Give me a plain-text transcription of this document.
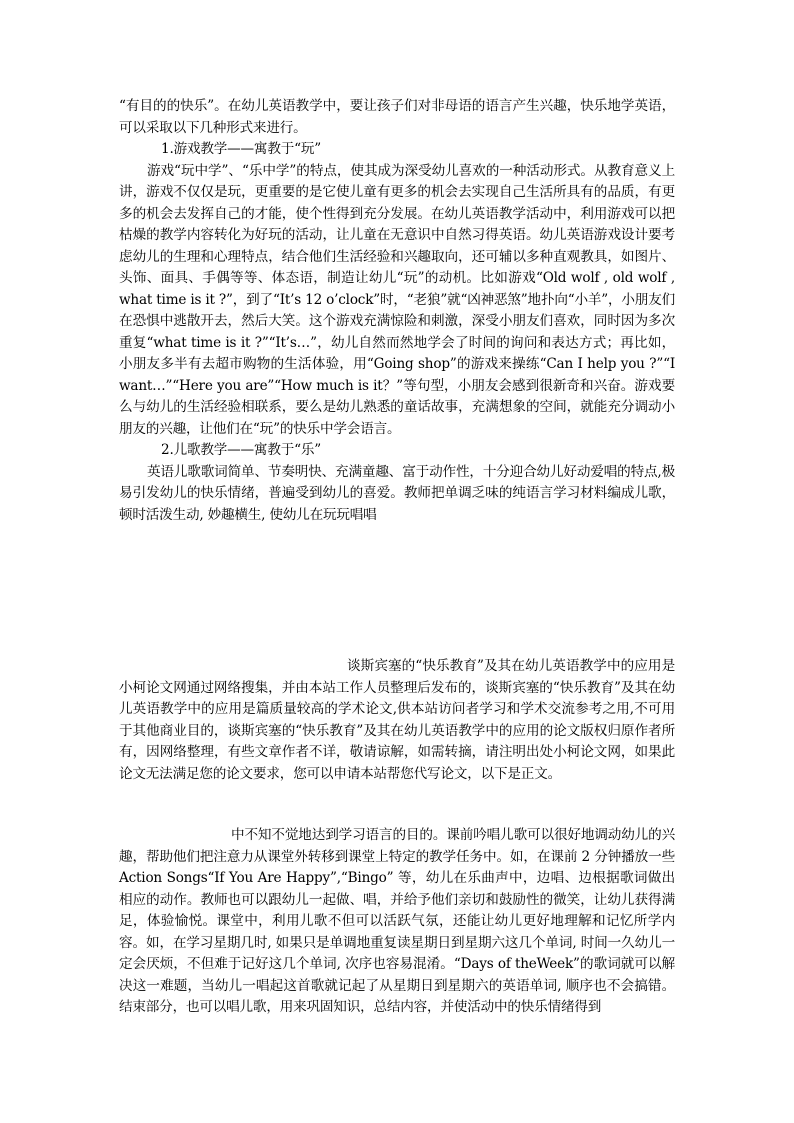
“有目的的快乐”。在幼儿英语教学中，要让孩子们对非母语的语言产生兴趣，快乐地学英语，可以采取以下几种形式来进行。

1.游戏教学——寓教于“玩”

游戏“玩中学”、“乐中学”的特点，使其成为深受幼儿喜欢的一种活动形式。从教育意义上讲，游戏不仅仅是玩，更重要的是它使儿童有更多的机会去实现自己生活所具有的品质，有更多的机会去发挥自己的才能，使个性得到充分发展。在幼儿英语教学活动中，利用游戏可以把枯燥的教学内容转化为好玩的活动，让儿童在无意识中自然习得英语。幼儿英语游戏设计要考虑幼儿的生理和心理特点，结合他们生活经验和兴趣取向，还可辅以多种直观教具，如图片、头饰、面具、手偶等等、体态语，制造让幼儿“玩”的动机。比如游戏“Old wolf , old wolf , what time is it ?”，到了“It’s 12 o’clock”时，“老狼”就“凶神恶煞”地扑向“小羊”，小朋友们在恐惧中逃散开去，然后大笑。这个游戏充满惊险和刺激，深受小朋友们喜欢，同时因为多次重复“what time is it ?”“It’s…”，幼儿自然而然地学会了时间的询问和表达方式；再比如，小朋友多半有去超市购物的生活体验，用“Going shop”的游戏来操练“Can I help you ?”“I want…”“Here you are”“How much is it？”等句型，小朋友会感到很新奇和兴奋。游戏要么与幼儿的生活经验相联系，要么是幼儿熟悉的童话故事，充满想象的空间，就能充分调动小朋友的兴趣，让他们在“玩”的快乐中学会语言。

2.儿歌教学——寓教于“乐”

英语儿歌歌词简单、节奏明快、充满童趣、富于动作性，十分迎合幼儿好动爱唱的特点,极易引发幼儿的快乐情绪，普遍受到幼儿的喜爱。教师把单调乏味的纯语言学习材料编成儿歌，顿时活泼生动, 妙趣横生, 使幼儿在玩玩唱唱

谈斯宾塞的“快乐教育”及其在幼儿英语教学中的应用是小柯论文网通过网络搜集，并由本站工作人员整理后发布的，谈斯宾塞的“快乐教育”及其在幼儿英语教学中的应用是篇质量较高的学术论文,供本站访问者学习和学术交流参考之用,不可用于其他商业目的，谈斯宾塞的“快乐教育”及其在幼儿英语教学中的应用的论文版权归原作者所有，因网络整理，有些文章作者不详，敬请谅解，如需转摘，请注明出处小柯论文网，如果此论文无法满足您的论文要求，您可以申请本站帮您代写论文，以下是正文。

中不知不觉地达到学习语言的目的。课前吟唱儿歌可以很好地调动幼儿的兴趣，帮助他们把注意力从课堂外转移到课堂上特定的教学任务中。如，在课前 2 分钟播放一些 Action Songs“If You Are Happy”,“Bingo” 等，幼儿在乐曲声中，边唱、边根据歌词做出相应的动作。教师也可以跟幼儿一起做、唱，并给予他们亲切和鼓励性的微笑，让幼儿获得满足，体验愉悦。课堂中，利用儿歌不但可以活跃气氛，还能让幼儿更好地理解和记忆所学内容。如，在学习星期几时, 如果只是单调地重复读星期日到星期六这几个单词, 时间一久幼儿一定会厌烦，不但难于记好这几个单词, 次序也容易混淆。“Days of theWeek”的歌词就可以解决这一难题，当幼儿一唱起这首歌就记起了从星期日到星期六的英语单词, 顺序也不会搞错。结束部分，也可以唱儿歌，用来巩固知识，总结内容，并使活动中的快乐情绪得到
